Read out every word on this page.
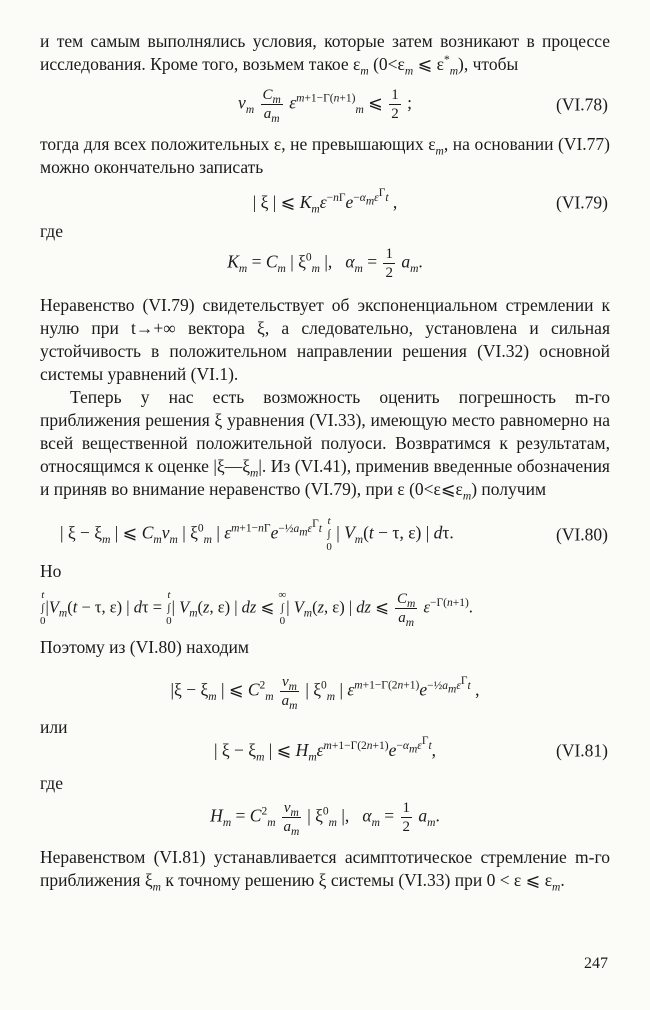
и тем самым выполнялись условия, которые затем возникают в процессе исследования. Кроме того, возьмем такое $\varepsilon_m$ ($0<\varepsilon_m$ ⩽ $\varepsilon^*_m$), чтобы

$\nu_m \frac{C_m}{a_m} \varepsilon^{m+1-\Gamma(n+1)}_m$ ⩽ $\frac{1}{2}$ ;	(VI.78)

тогда для всех положительных ε, не превышающих $\varepsilon_m$, на основании (VI.77) можно окончательно записать

| ξ | ⩽ $K_m\varepsilon^{-n\Gamma}e^{-\alpha_m\varepsilon^\Gamma t}$ ,	(VI.79)

где

$K_m = C_m$ | $\xi^0_m$ |,   $\alpha_m = \frac{1}{2} a_m$.

Неравенство (VI.79) свидетельствует об экспоненциальном стремлении к нулю при t→+∞ вектора ξ, а следовательно, установлена и сильная устойчивость в положительном направлении решения (VI.32) основной системы уравнений (VI.1).

Теперь у нас есть возможность оценить погрешность m-го приближения решения ξ уравнения (VI.33), имеющую место равномерно на всей вещественной положительной полуоси. Возвратимся к результатам, относящимся к оценке $|\xi—\xi_m|$. Из (VI.41), применив введенные обозначения и приняв во внимание неравенство (VI.79), при ε $(0<\varepsilon⩽\varepsilon_m)$ получим

| $\xi - \xi_m$ | ⩽ $C_m\nu_m$ | $\xi^0_m$ | $\varepsilon^{m+1-n\Gamma}e^{-\frac{1}{2}a_m\varepsilon^\Gamma t}$
t
∫
0
| $V_m(t - \tau$, ε) | dτ.	(VI.80)

Но

t
∫
0
$|V_m(t - \tau$, ε) | dτ =
t
∫
0
| $V_m(z$, ε) | dz ⩽
∞
∫
0
| $V_m(z$, ε) | dz ⩽ $\frac{C_m}{a_m} \varepsilon^{-\Gamma(n+1)}$.

Поэтому из (VI.80) находим

$|\xi - \xi_m$ | ⩽ $C^2_m \frac{\nu_m}{a_m}$ | $\xi^0_m$ | $\varepsilon^{m+1-\Gamma(2n+1)}e^{-\frac{1}{2}a_m\varepsilon^\Gamma t}$ ,

или

| $\xi - \xi_m$ | ⩽ $H_m\varepsilon^{m+1-\Gamma(2n+1)}e^{-\alpha_m\varepsilon^\Gamma t}$,	(VI.81)

где

$H_m = C^2_m \frac{\nu_m}{a_m}$ | $\xi^0_m$ |,   $\alpha_m = \frac{1}{2} a_m$.

Неравенством (VI.81) устанавливается асимптотическое стремление m-го приближения $\xi_m$ к точному решению ξ системы (VI.33) при 0 < ε ⩽ $\varepsilon_m$.

247
